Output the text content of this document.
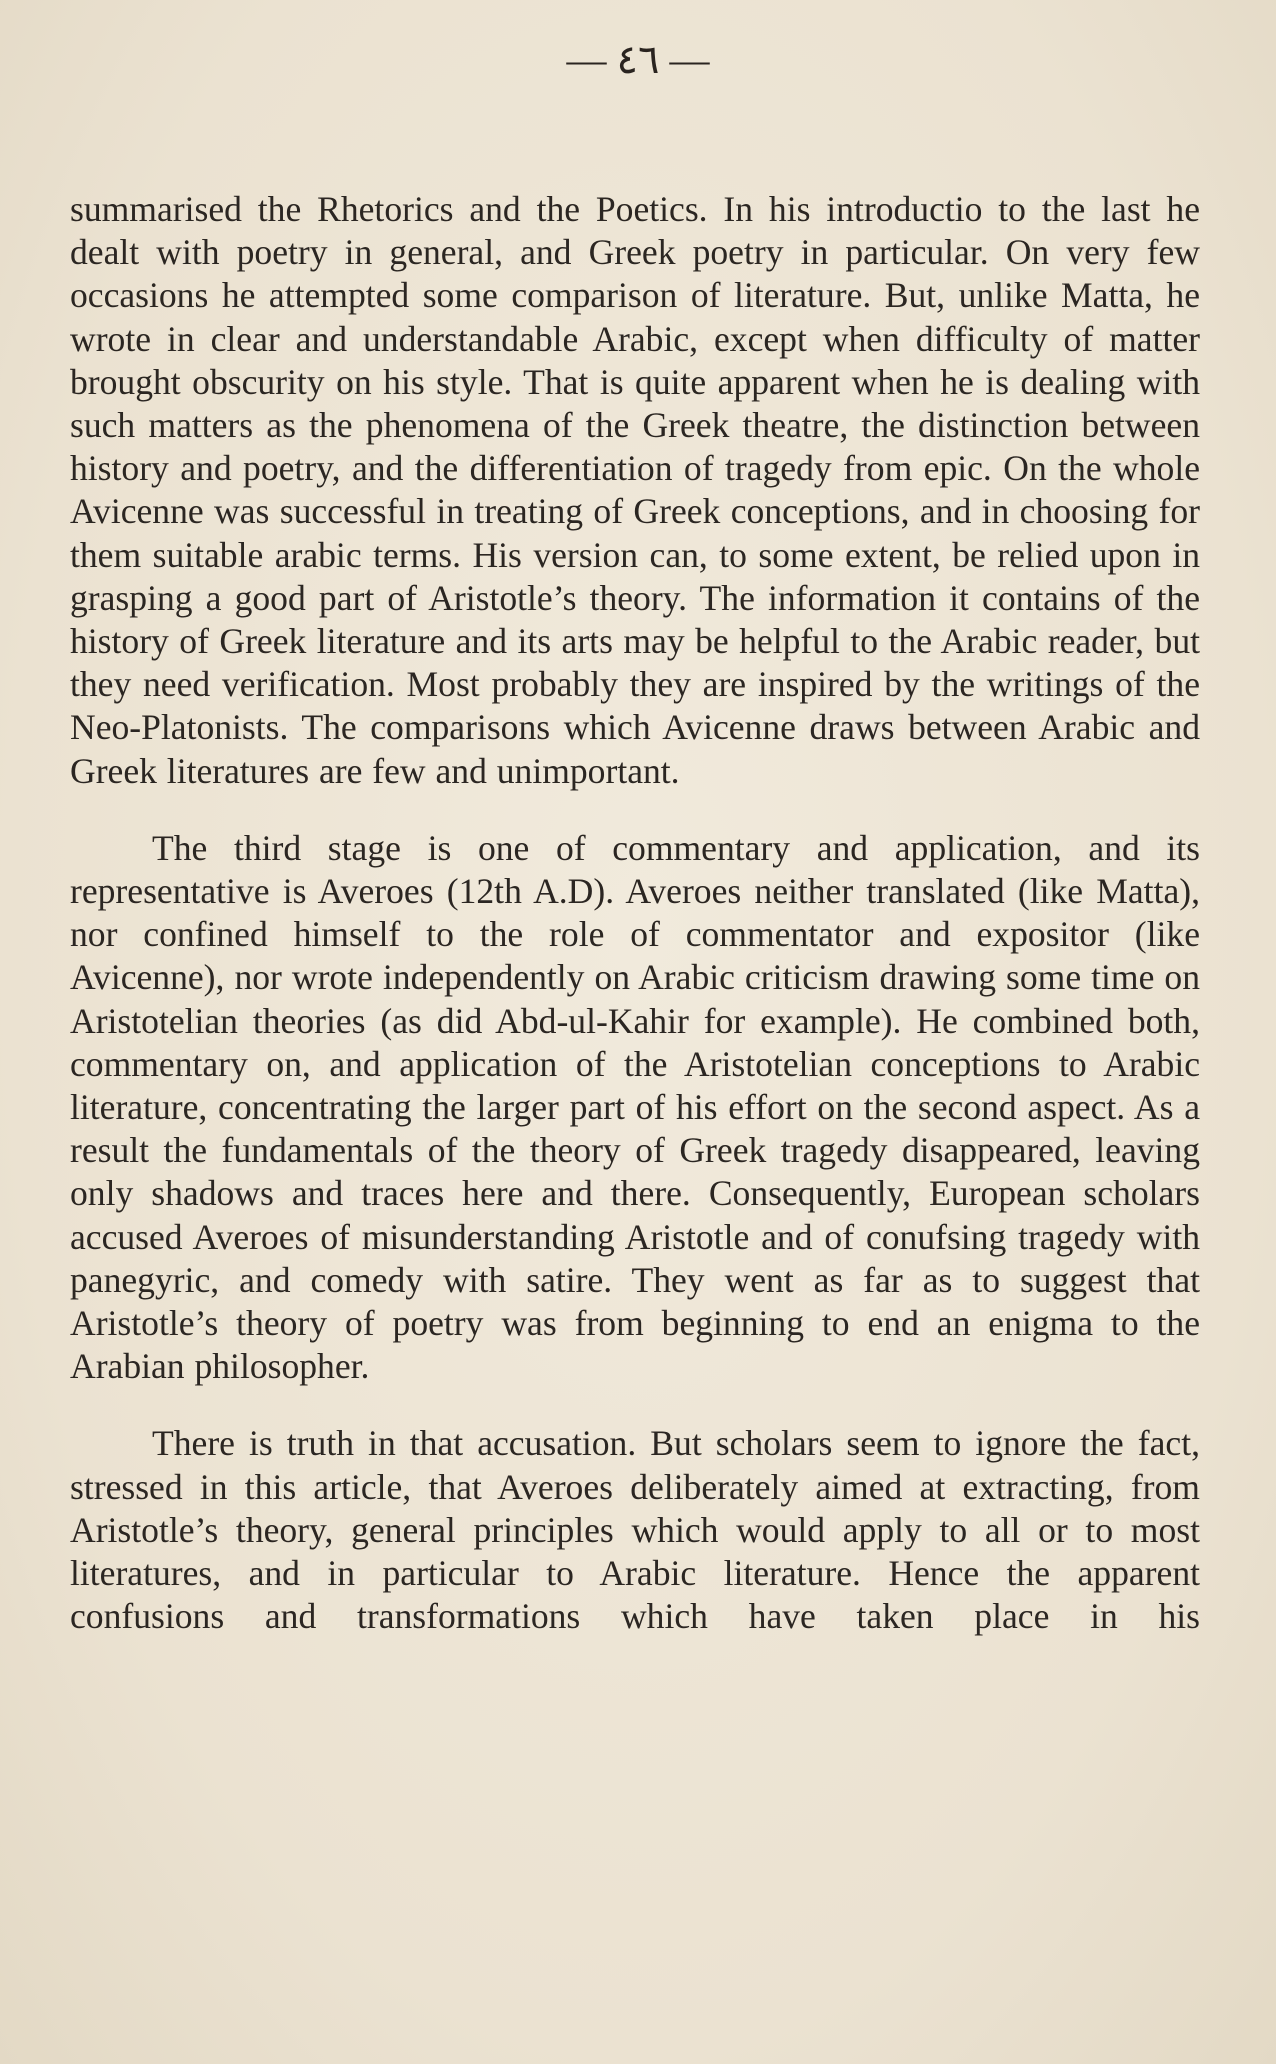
— ٤٦ —

summarised the Rhetorics and the Poetics. In his introductio to the last he dealt with poetry in general, and Greek poetry in particular. On very few occasions he attempted some comparison of literature. But, unlike Matta, he wrote in clear and understandable Arabic, except when difficulty of matter brought obscurity on his style. That is quite apparent when he is dealing with such matters as the phenomena of the Greek theatre, the distinction between history and poetry, and the differentiation of tragedy from epic. On the whole Avicenne was successful in treating of Greek conceptions, and in choosing for them suitable arabic terms. His version can, to some extent, be relied upon in grasping a good part of Aristotle’s theory. The information it contains of the history of Greek literature and its arts may be helpful to the Arabic reader, but they need verification. Most probably they are inspired by the writings of the Neo-Platonists. The comparisons which Avicenne draws between Arabic and Greek literatures are few and unimportant.

The third stage is one of commentary and application, and its representative is Averoes (12th A.D). Averoes neither translated (like Matta), nor confined himself to the role of commentator and expositor (like Avicenne), nor wrote independently on Arabic criticism drawing some time on Aristotelian theories (as did Abd-ul-Kahir for example). He combined both, commentary on, and application of the Aristotelian conceptions to Arabic literature, concentrating the larger part of his effort on the second aspect. As a result the fundamentals of the theory of Greek tragedy disappeared, leaving only shadows and traces here and there. Consequently, European scholars accused Averoes of misunderstanding Aristotle and of conufsing tragedy with panegyric, and comedy with satire. They went as far as to suggest that Aristotle’s theory of poetry was from beginning to end an enigma to the Arabian philosopher.

There is truth in that accusation. But scholars seem to ignore the fact, stressed in this article, that Averoes deliberately aimed at extracting, from Aristotle’s theory, general principles which would apply to all or to most literatures, and in particular to Arabic literature. Hence the apparent confusions and transformations which have taken place in his
